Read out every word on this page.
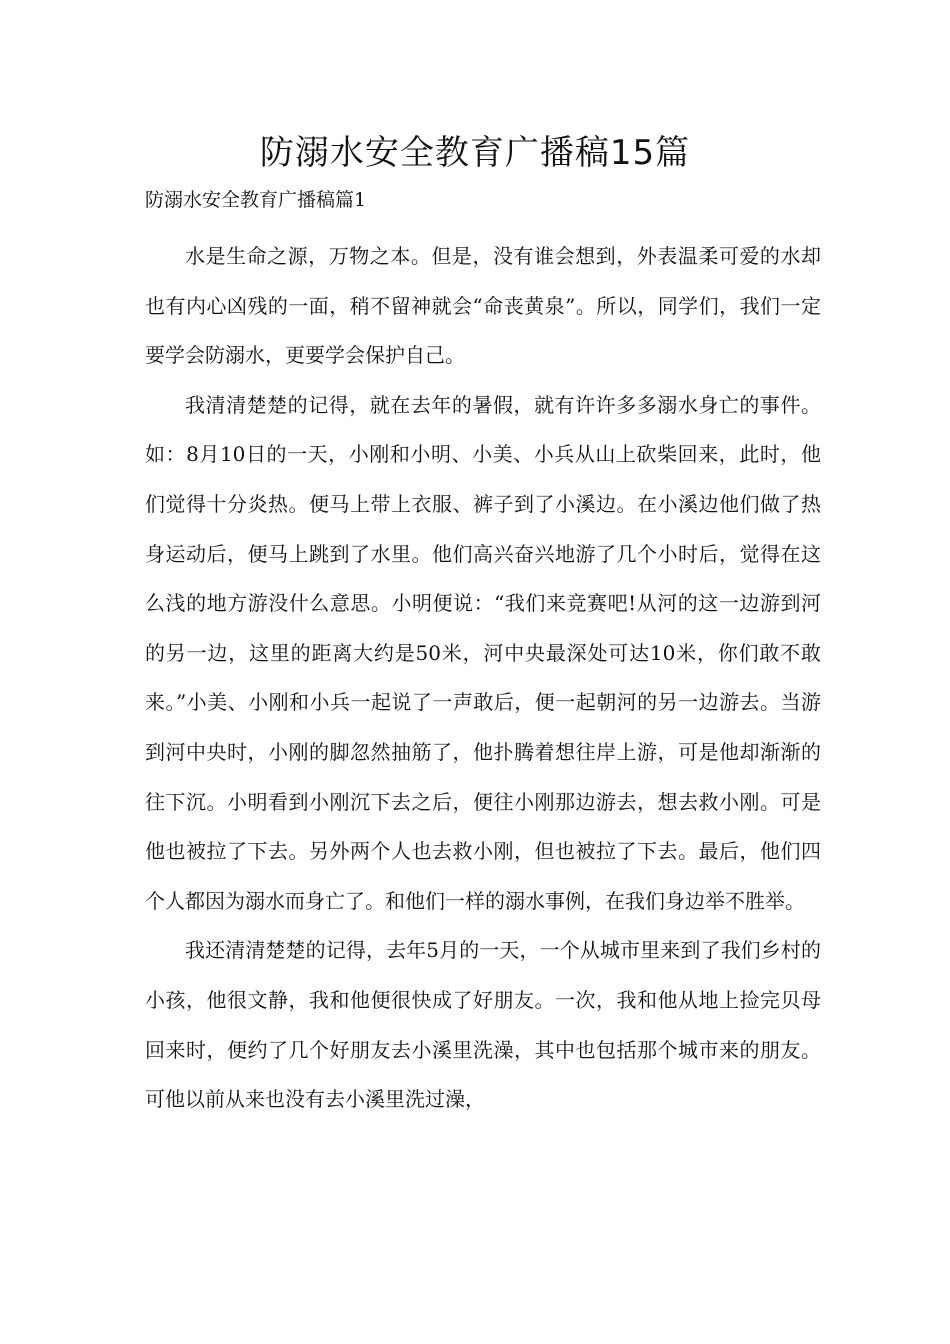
防溺水安全教育广播稿15篇

防溺水安全教育广播稿篇1

水是生命之源，万物之本。但是，没有谁会想到，外表温柔可爱的水却也有内心凶残的一面，稍不留神就会“命丧黄泉”。所以，同学们，我们一定要学会防溺水，更要学会保护自己。

我清清楚楚的记得，就在去年的暑假，就有许许多多溺水身亡的事件。如：8月10日的一天，小刚和小明、小美、小兵从山上砍柴回来，此时，他们觉得十分炎热。便马上带上衣服、裤子到了小溪边。在小溪边他们做了热身运动后，便马上跳到了水里。他们高兴奋兴地游了几个小时后，觉得在这么浅的地方游没什么意思。小明便说：“我们来竞赛吧!从河的这一边游到河的另一边，这里的距离大约是50米，河中央最深处可达10米，你们敢不敢来。”小美、小刚和小兵一起说了一声敢后，便一起朝河的另一边游去。当游到河中央时，小刚的脚忽然抽筋了，他扑腾着想往岸上游，可是他却渐渐的往下沉。小明看到小刚沉下去之后，便往小刚那边游去，想去救小刚。可是他也被拉了下去。另外两个人也去救小刚，但也被拉了下去。最后，他们四个人都因为溺水而身亡了。和他们一样的溺水事例，在我们身边举不胜举。

我还清清楚楚的记得，去年5月的一天，一个从城市里来到了我们乡村的小孩，他很文静，我和他便很快成了好朋友。一次，我和他从地上捡完贝母回来时，便约了几个好朋友去小溪里洗澡，其中也包括那个城市来的朋友。可他以前从来也没有去小溪里洗过澡，
